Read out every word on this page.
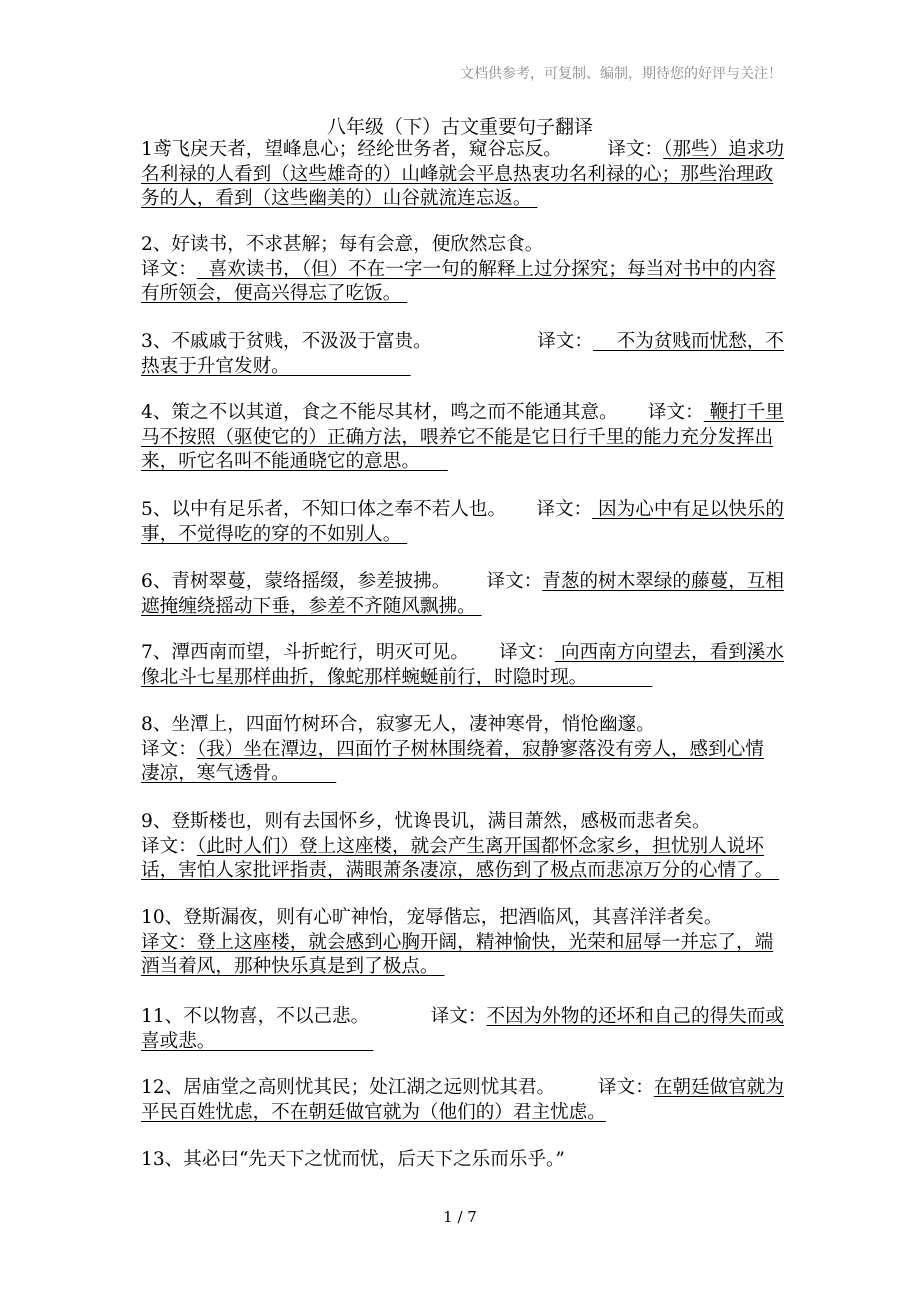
文档供参考，可复制、编制，期待您的好评与关注！
八年级（下）古文重要句子翻译
1鸢飞戾天者，望峰息心；经纶世务者，窥谷忘反。 译文：（那些）追求功
名利禄的人看到（这些雄奇的）山峰就会平息热衷功名利禄的心；那些治理政
务的人，看到（这些幽美的）山谷就流连忘返。
2、好读书，不求甚解；每有会意，便欣然忘食。
译文：  喜欢读书，（但）不在一字一句的解释上过分探究；每当对书中的内容
有所领会，便高兴得忘了吃饭。
3、不戚戚于贫贱，不汲汲于富贵。	译文：    不为贫贱而忧愁，不
热衷于升官发财。　　　　　　　
4、策之不以其道，食之不能尽其材，鸣之而不能通其意。 译文： 鞭打千里
马不按照（驱使它的）正确方法，喂养它不能是它日行千里的能力充分发挥出
来，听它名叫不能通晓它的意思。　　
5、以中有足乐者，不知口体之奉不若人也。 译文： 因为心中有足以快乐的
事，不觉得吃的穿的不如别人。
6、青树翠蔓，蒙络摇缀，参差披拂。 译文：青葱的树木翠绿的藤蔓，互相
遮掩缠绕摇动下垂，参差不齐随风飘拂。
7、潭西南而望，斗折蛇行，明灭可见。 译文： 向西南方向望去，看到溪水
像北斗七星那样曲折，像蛇那样蜿蜒前行，时隐时现。　　　　
8、坐潭上，四面竹树环合，寂寥无人，凄神寒骨，悄怆幽邃。
译文：（我）坐在潭边，四面竹子树林围绕着，寂静寥落没有旁人，感到心情
凄凉，寒气透骨。　　　
9、登斯楼也，则有去国怀乡，忧谗畏讥，满目萧然，感极而悲者矣。
译文：（此时人们）登上这座楼，就会产生离开国都怀念家乡，担忧别人说坏
话，害怕人家批评指责，满眼萧条凄凉，感伤到了极点而悲凉万分的心情了。
10、登斯漏夜，则有心旷神怡，宠辱偕忘，把酒临风，其喜洋洋者矣。
译文：登上这座楼，就会感到心胸开阔，精神愉快，光荣和屈辱一并忘了，端
酒当着风，那种快乐真是到了极点。
11、不以物喜，不以己悲。	译文：不因为外物的还坏和自己的得失而或
喜或悲。　　　　　　　　　
12、居庙堂之高则忧其民；处江湖之远则忧其君。 译文：在朝廷做官就为
平民百姓忧虑，不在朝廷做官就为（他们的）君主忧虑。
13、其必曰“先天下之忧而忧，后天下之乐而乐乎。”
1 / 7
